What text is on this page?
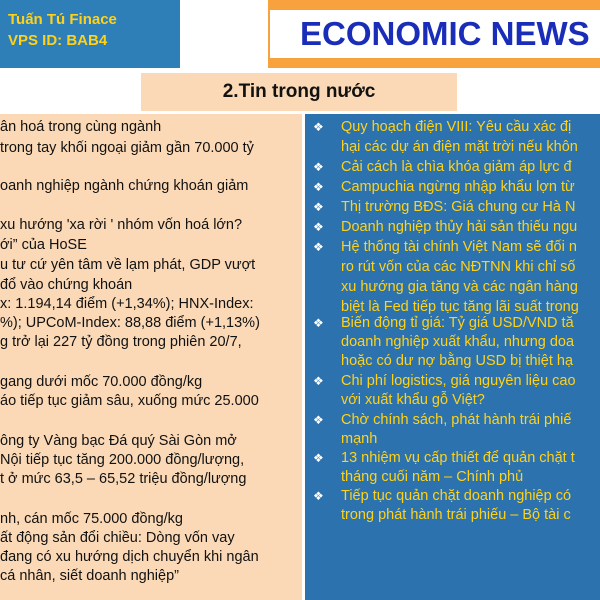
Tuấn Tú Finace
VPS ID: BAB4	ECONOMIC NEWS
2.Tin trong nước
ân hoá trong cùng ngành
trong tay khối ngoại giảm gần 70.000 tỷ
oanh nghiệp ngành chứng khoán giảm
xu hướng 'xa rời ' nhóm vốn hoá lớn?
ới” của HoSE
u tư cứ yên tâm về lạm phát, GDP vượt
đổ vào chứng khoán
x: 1.194,14 điểm (+1,34%); HNX-Index:
%); UPCoM-Index: 88,88 điểm (+1,13%)
g trở lại 227 tỷ đồng trong phiên 20/7,
gang dưới mốc 70.000 đồng/kg
áo tiếp tục giảm sâu, xuống mức 25.000
ông ty Vàng bạc Đá quý Sài Gòn mở
Nội tiếp tục tăng 200.000 đồng/lượng,
t ở mức 63,5 – 65,52 triệu đồng/lượng
nh, cán mốc 75.000 đồng/kg
ất động sản đổi chiều: Dòng vốn vay
đang có xu hướng dịch chuyển khi ngân
cá nhân, siết doanh nghiệp”
❖ Quy hoạch điện VIII: Yêu cầu xác đị
hại các dự án điện mặt trời nếu khôn
❖ Cải cách là chìa khóa giảm áp lực đ
❖ Campuchia ngừng nhập khẩu lợn từ
❖ Thị trường BĐS: Giá chung cư Hà N
❖ Doanh nghiệp thủy hải sản thiếu ngu
❖ Hệ thống tài chính Việt Nam sẽ đối n
ro rút vốn của các NĐTNN khi chỉ số
xu hướng gia tăng và các ngân hàng
biệt là Fed tiếp tục tăng lãi suất trong
❖ Biến động tỉ giá: Tỷ giá USD/VND tă
doanh nghiệp xuất khẩu, nhưng doa
hoặc có dư nợ bằng USD bị thiệt hạ
❖ Chi phí logistics, giá nguyên liệu cao
với xuất khẩu gỗ Việt?
❖ Chờ chính sách, phát hành trái phiế
mạnh
❖ 13 nhiệm vụ cấp thiết để quản chặt t
tháng cuối năm – Chính phủ
❖ Tiếp tục quản chặt doanh nghiệp có
trong phát hành trái phiếu – Bộ tài c
